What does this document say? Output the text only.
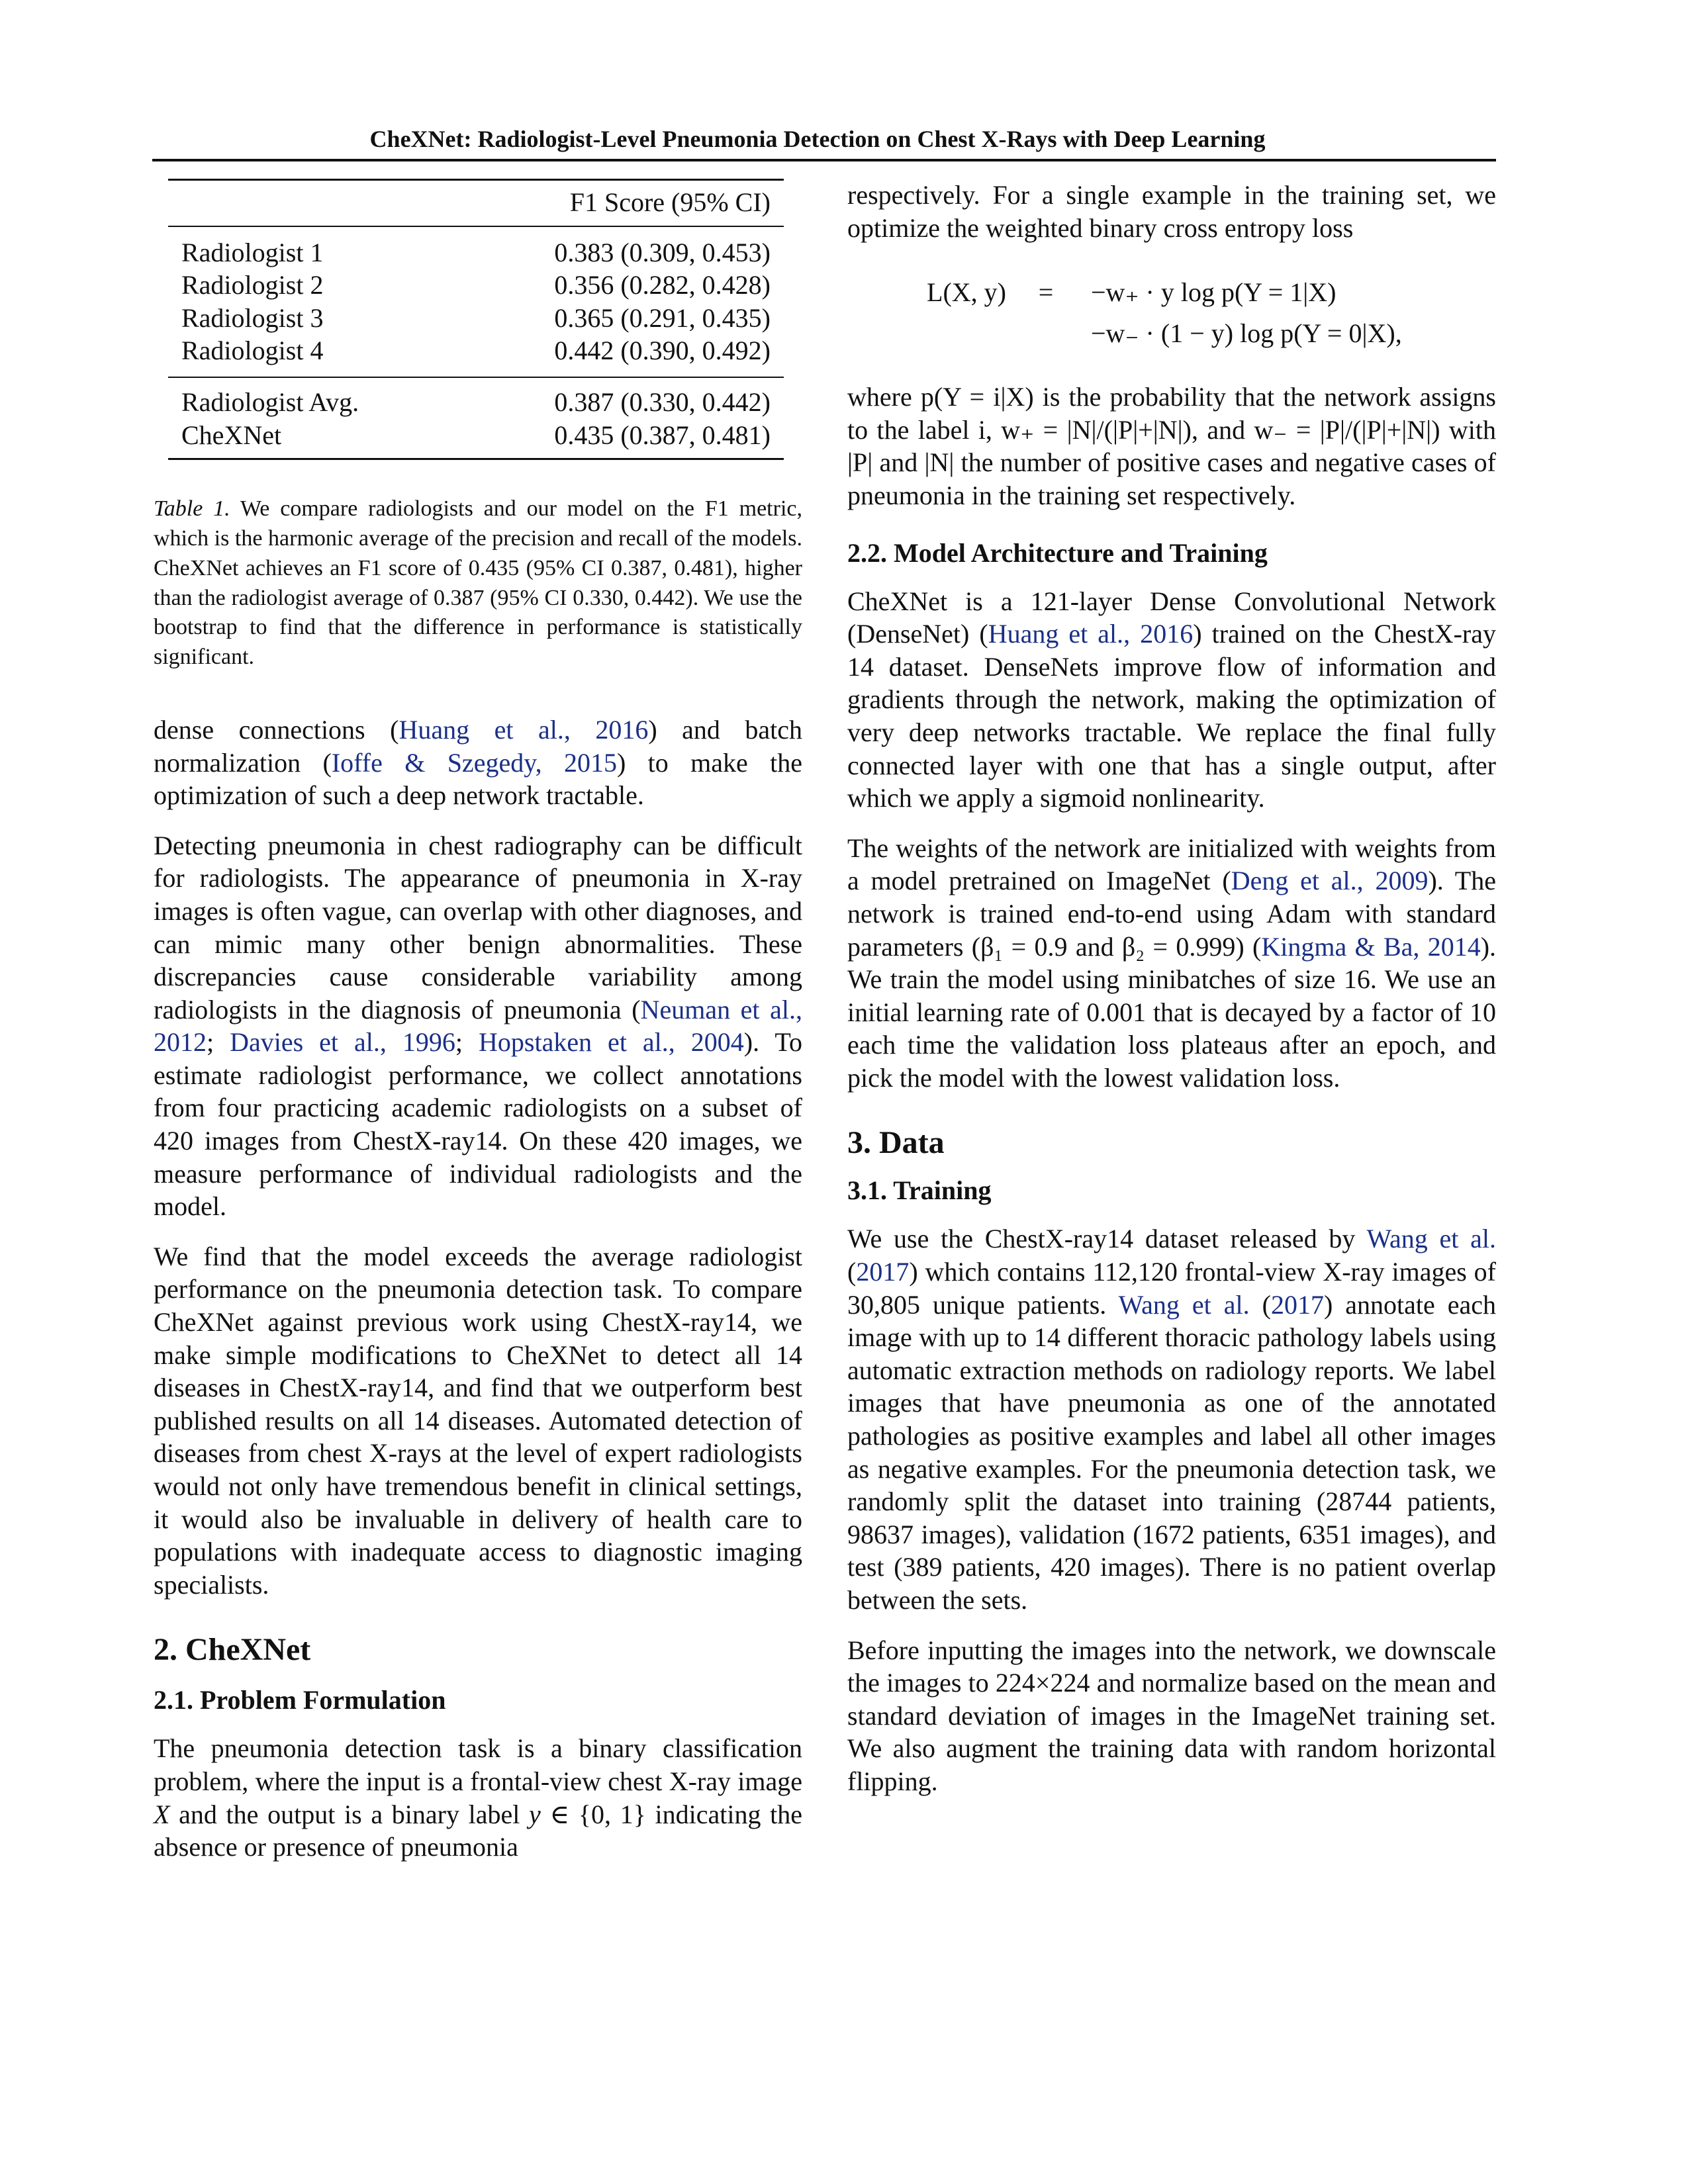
CheXNet: Radiologist-Level Pneumonia Detection on Chest X-Rays with Deep Learning
	F1 Score (95% CI)
Radiologist 1	0.383 (0.309, 0.453)
Radiologist 2	0.356 (0.282, 0.428)
Radiologist 3	0.365 (0.291, 0.435)
Radiologist 4	0.442 (0.390, 0.492)
Radiologist Avg.	0.387 (0.330, 0.442)
CheXNet	0.435 (0.387, 0.481)

Table 1. We compare radiologists and our model on the F1 metric, which is the harmonic average of the precision and recall of the models. CheXNet achieves an F1 score of 0.435 (95% CI 0.387, 0.481), higher than the radiologist average of 0.387 (95% CI 0.330, 0.442). We use the bootstrap to find that the difference in performance is statistically significant.

dense connections (Huang et al., 2016) and batch normalization (Ioffe & Szegedy, 2015) to make the optimization of such a deep network tractable.

Detecting pneumonia in chest radiography can be difficult for radiologists. The appearance of pneumonia in X-ray images is often vague, can overlap with other diagnoses, and can mimic many other benign abnormalities. These discrepancies cause considerable variability among radiologists in the diagnosis of pneumonia (Neuman et al., 2012; Davies et al., 1996; Hopstaken et al., 2004). To estimate radiologist performance, we collect annotations from four practicing academic radiologists on a subset of 420 images from ChestX-ray14. On these 420 images, we measure performance of individual radiologists and the model.

We find that the model exceeds the average radiologist performance on the pneumonia detection task. To compare CheXNet against previous work using ChestX-ray14, we make simple modifications to CheXNet to detect all 14 diseases in ChestX-ray14, and find that we outperform best published results on all 14 diseases. Automated detection of diseases from chest X-rays at the level of expert radiologists would not only have tremendous benefit in clinical settings, it would also be invaluable in delivery of health care to populations with inadequate access to diagnostic imaging specialists.

2. CheXNet
2.1. Problem Formulation

The pneumonia detection task is a binary classification problem, where the input is a frontal-view chest X-ray image X and the output is a binary label y ∈ {0, 1} indicating the absence or presence of pneumonia

respectively. For a single example in the training set, we optimize the weighted binary cross entropy loss

L(X, y)	=	−w₊ · y log p(Y = 1|X)
−w₋ · (1 − y) log p(Y = 0|X),

where p(Y = i|X) is the probability that the network assigns to the label i, w₊ = |N|/(|P|+|N|), and w₋ = |P|/(|P|+|N|) with |P| and |N| the number of positive cases and negative cases of pneumonia in the training set respectively.

2.2. Model Architecture and Training

CheXNet is a 121-layer Dense Convolutional Network (DenseNet) (Huang et al., 2016) trained on the ChestX-ray 14 dataset. DenseNets improve flow of information and gradients through the network, making the optimization of very deep networks tractable. We replace the final fully connected layer with one that has a single output, after which we apply a sigmoid nonlinearity.

The weights of the network are initialized with weights from a model pretrained on ImageNet (Deng et al., 2009). The network is trained end-to-end using Adam with standard parameters (β₁ = 0.9 and β₂ = 0.999) (Kingma & Ba, 2014). We train the model using minibatches of size 16. We use an initial learning rate of 0.001 that is decayed by a factor of 10 each time the validation loss plateaus after an epoch, and pick the model with the lowest validation loss.

3. Data
3.1. Training

We use the ChestX-ray14 dataset released by Wang et al. (2017) which contains 112,120 frontal-view X-ray images of 30,805 unique patients. Wang et al. (2017) annotate each image with up to 14 different thoracic pathology labels using automatic extraction methods on radiology reports. We label images that have pneumonia as one of the annotated pathologies as positive examples and label all other images as negative examples. For the pneumonia detection task, we randomly split the dataset into training (28744 patients, 98637 images), validation (1672 patients, 6351 images), and test (389 patients, 420 images). There is no patient overlap between the sets.

Before inputting the images into the network, we downscale the images to 224×224 and normalize based on the mean and standard deviation of images in the ImageNet training set. We also augment the training data with random horizontal flipping.
